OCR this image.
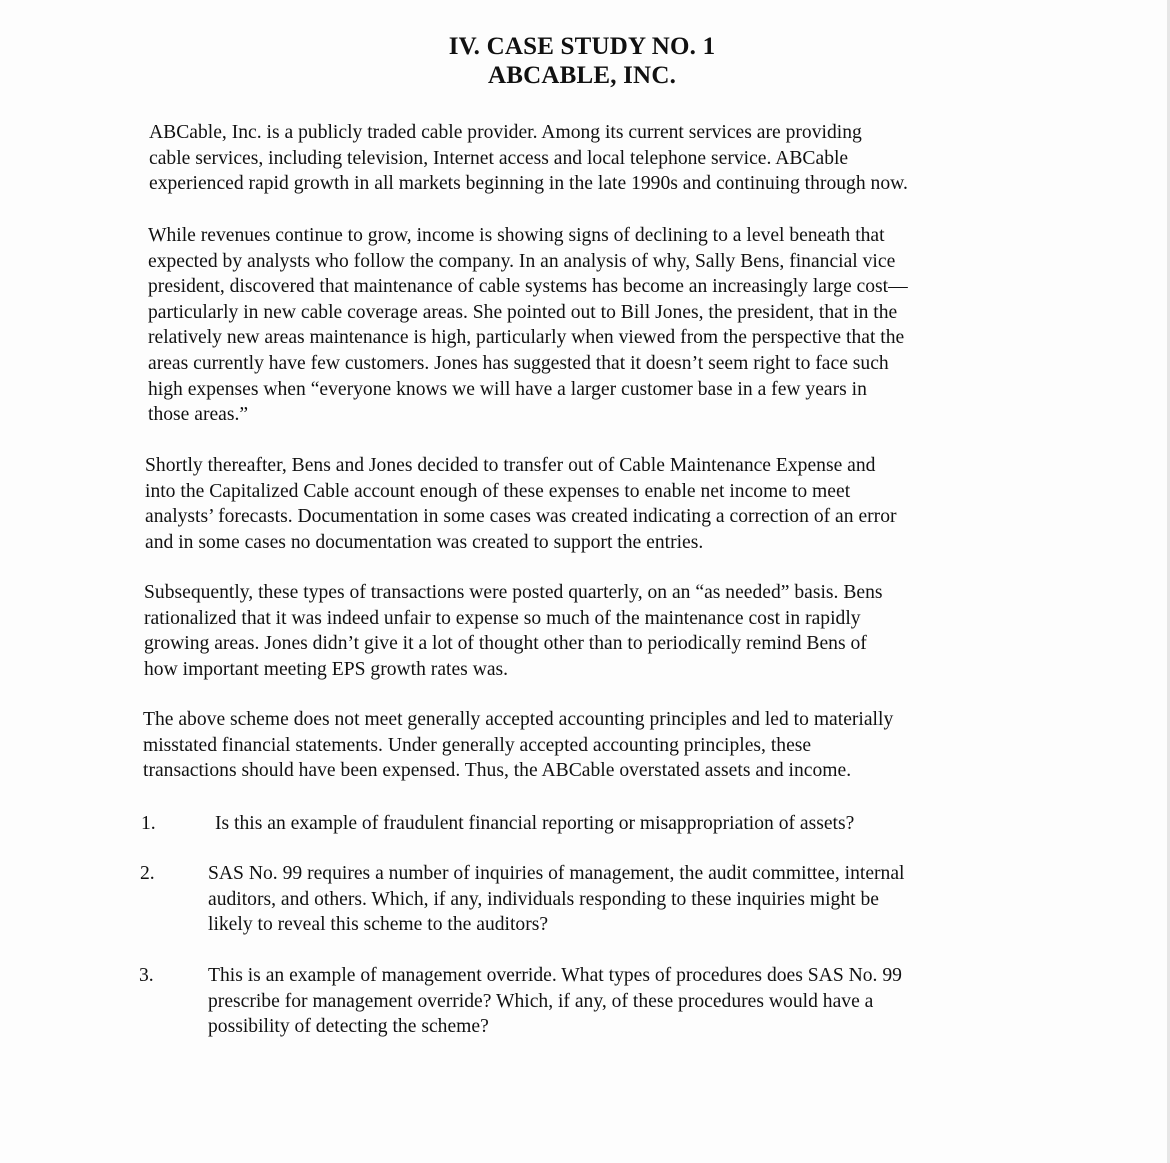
IV. CASE STUDY NO. 1
ABCABLE, INC.
ABCable, Inc. is a publicly traded cable provider. Among its current services are providing
cable services, including television, Internet access and local telephone service. ABCable
experienced rapid growth in all markets beginning in the late 1990s and continuing through now.
While revenues continue to grow, income is showing signs of declining to a level beneath that
expected by analysts who follow the company. In an analysis of why, Sally Bens, financial vice
president, discovered that maintenance of cable systems has become an increasingly large cost—
particularly in new cable coverage areas. She pointed out to Bill Jones, the president, that in the
relatively new areas maintenance is high, particularly when viewed from the perspective that the
areas currently have few customers. Jones has suggested that it doesn’t seem right to face such
high expenses when “everyone knows we will have a larger customer base in a few years in
those areas.”
Shortly thereafter, Bens and Jones decided to transfer out of Cable Maintenance Expense and
into the Capitalized Cable account enough of these expenses to enable net income to meet
analysts’ forecasts. Documentation in some cases was created indicating a correction of an error
and in some cases no documentation was created to support the entries.
Subsequently, these types of transactions were posted quarterly, on an “as needed” basis. Bens
rationalized that it was indeed unfair to expense so much of the maintenance cost in rapidly
growing areas. Jones didn’t give it a lot of thought other than to periodically remind Bens of
how important meeting EPS growth rates was.
The above scheme does not meet generally accepted accounting principles and led to materially
misstated financial statements. Under generally accepted accounting principles, these
transactions should have been expensed. Thus, the ABCable overstated assets and income.
1.	Is this an example of fraudulent financial reporting or misappropriation of assets?
2.	SAS No. 99 requires a number of inquiries of management, the audit committee, internal
auditors, and others. Which, if any, individuals responding to these inquiries might be
likely to reveal this scheme to the auditors?
3.	This is an example of management override. What types of procedures does SAS No. 99
prescribe for management override? Which, if any, of these procedures would have a
possibility of detecting the scheme?
